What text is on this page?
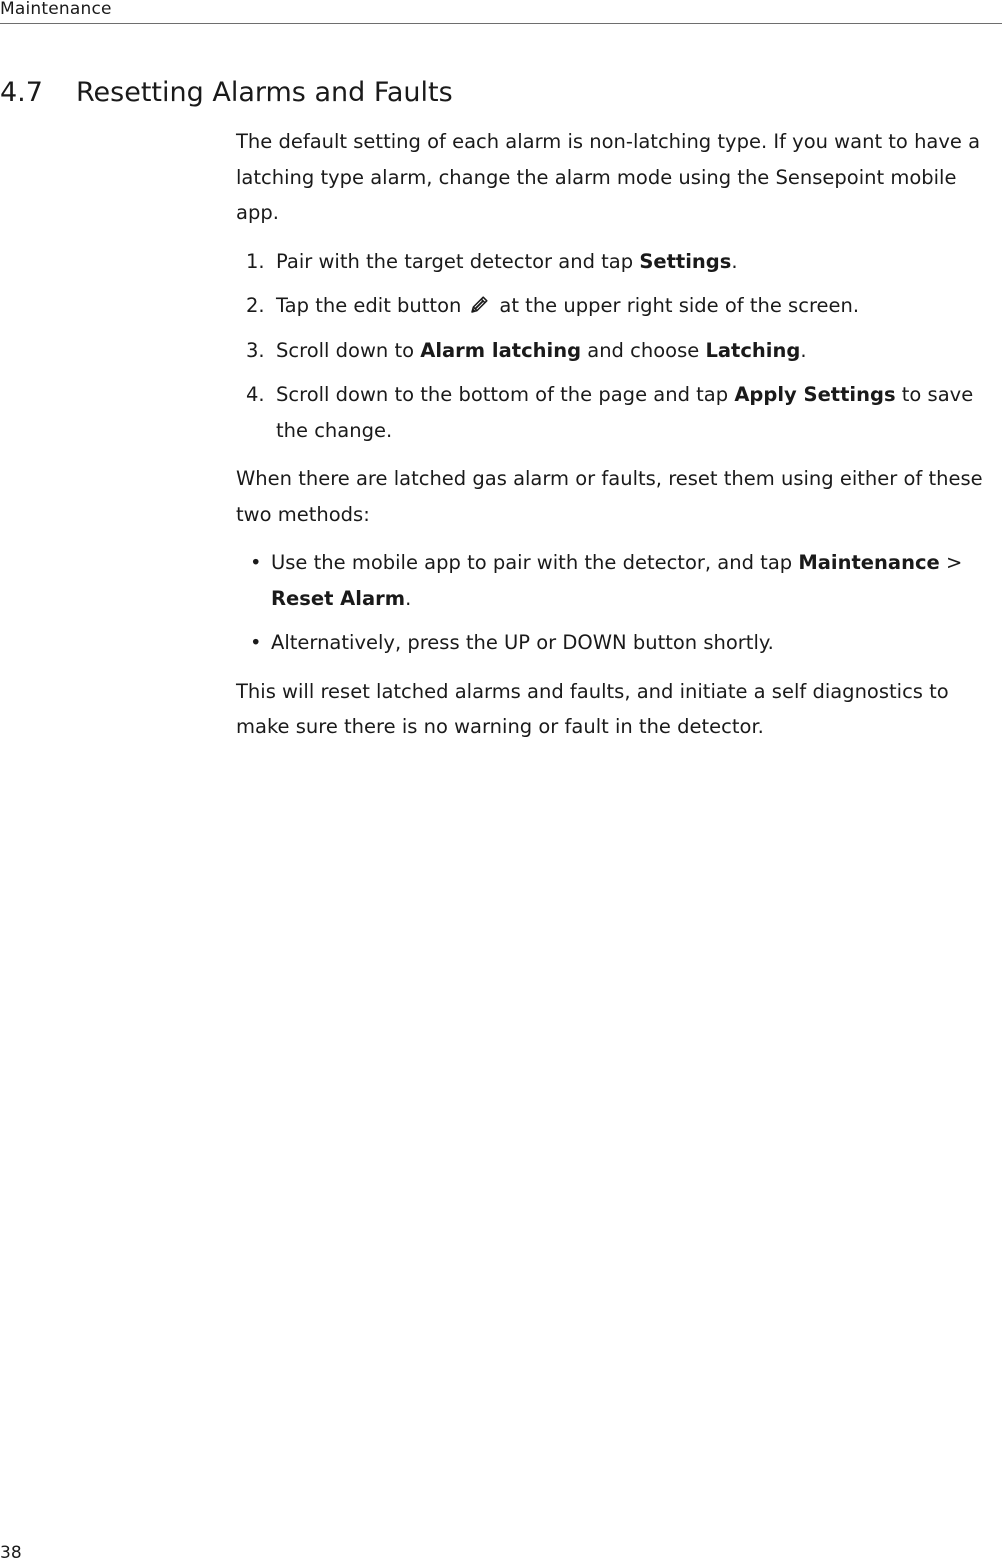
Maintenance
4.7 Resetting Alarms and Faults

The default setting of each alarm is non-latching type. If you want to have a latching type alarm, change the alarm mode using the Sensepoint mobile app.

1. Pair with the target detector and tap Settings.
2. Tap the edit button at the upper right side of the screen.
3. Scroll down to Alarm latching and choose Latching.
4. Scroll down to the bottom of the page and tap Apply Settings to save the change.

When there are latched gas alarm or faults, reset them using either of these two methods:

• Use the mobile app to pair with the detector, and tap Maintenance > Reset Alarm.
• Alternatively, press the UP or DOWN button shortly.

This will reset latched alarms and faults, and initiate a self diagnostics to make sure there is no warning or fault in the detector.

38
